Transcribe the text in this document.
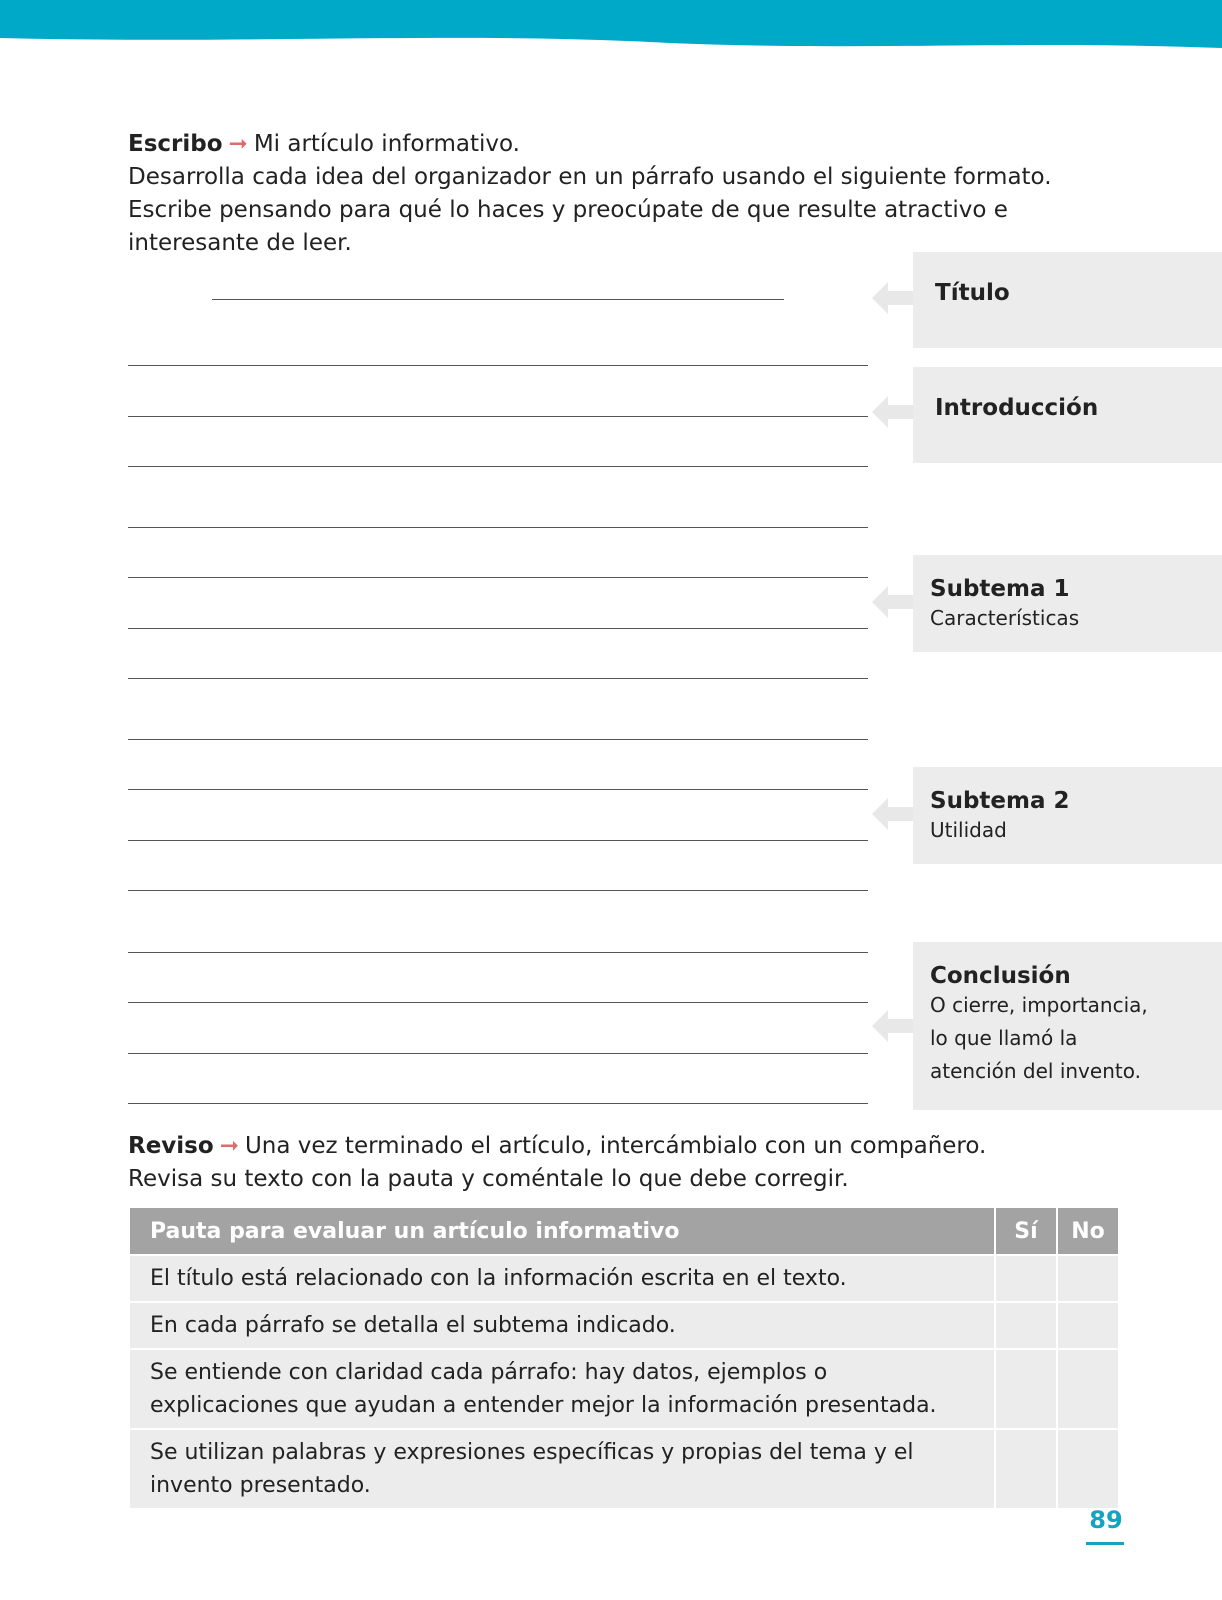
Escribo ➞ Mi artículo informativo.

Desarrolla cada idea del organizador en un párrafo usando el siguiente formato.

Escribe pensando para qué lo haces y preocúpate de que resulte atractivo e interesante de leer.

Título
Introducción
Subtema 1
Características
Subtema 2
Utilidad
Conclusión
O cierre, importancia,
lo que llamó la
atención del invento.

Reviso ➞ Una vez terminado el artículo, intercámbialo con un compañero.

Revisa su texto con la pauta y coméntale lo que debe corregir.

Pauta para evaluar un artículo informativo	Sí	No
El título está relacionado con la información escrita en el texto.		
En cada párrafo se detalla el subtema indicado.		
Se entiende con claridad cada párrafo: hay datos, ejemplos o explicaciones que ayudan a entender mejor la información presentada.		
Se utilizan palabras y expresiones específicas y propias del tema y el invento presentado.		
89
